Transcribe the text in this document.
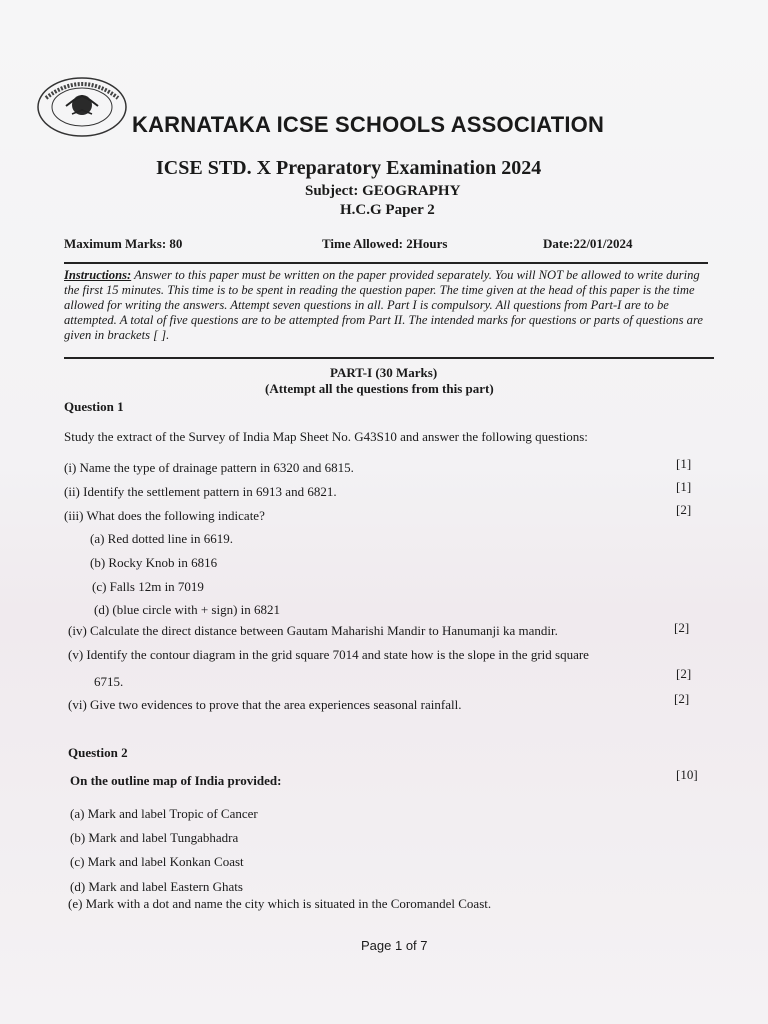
KARNATAKA ICSE SCHOOLS ASSOCIATION
ICSE STD. X Preparatory Examination 2024
Subject: GEOGRAPHY
H.C.G Paper 2
Maximum Marks: 80	Time Allowed: 2Hours	Date:22/01/2024
Instructions: Answer to this paper must be written on the paper provided separately. You will NOT be allowed to write during the first 15 minutes. This time is to be spent in reading the question paper. The time given at the head of this paper is the time allowed for writing the answers. Attempt seven questions in all. Part I is compulsory. All questions from Part-I are to be attempted. A total of five questions are to be attempted from Part II. The intended marks for questions or parts of questions are given in brackets [ ].
PART-I (30 Marks)
(Attempt all the questions from this part)
Question 1
Study the extract of the Survey of India Map Sheet No. G43S10 and answer the following questions:
(i) Name the type of drainage pattern in 6320 and 6815.	[1]
(ii) Identify the settlement pattern in 6913 and 6821.	[1]
(iii) What does the following indicate?	[2]
(a) Red dotted line in 6619.
(b) Rocky Knob in 6816
(c) Falls 12m in 7019
(d) (blue circle with + sign) in 6821
(iv) Calculate the direct distance between Gautam Maharishi Mandir to Hanumanji ka mandir.	[2]
(v) Identify the contour diagram in the grid square 7014 and state how is the slope in the grid square
6715.
[2]
(vi) Give two evidences to prove that the area experiences seasonal rainfall.	[2]
Question 2
On the outline map of India provided:	[10]
(a) Mark and label Tropic of Cancer
(b) Mark and label Tungabhadra
(c) Mark and label Konkan Coast
(d) Mark and label Eastern Ghats
(e) Mark with a dot and name the city which is situated in the Coromandel Coast.
Page 1 of 7
